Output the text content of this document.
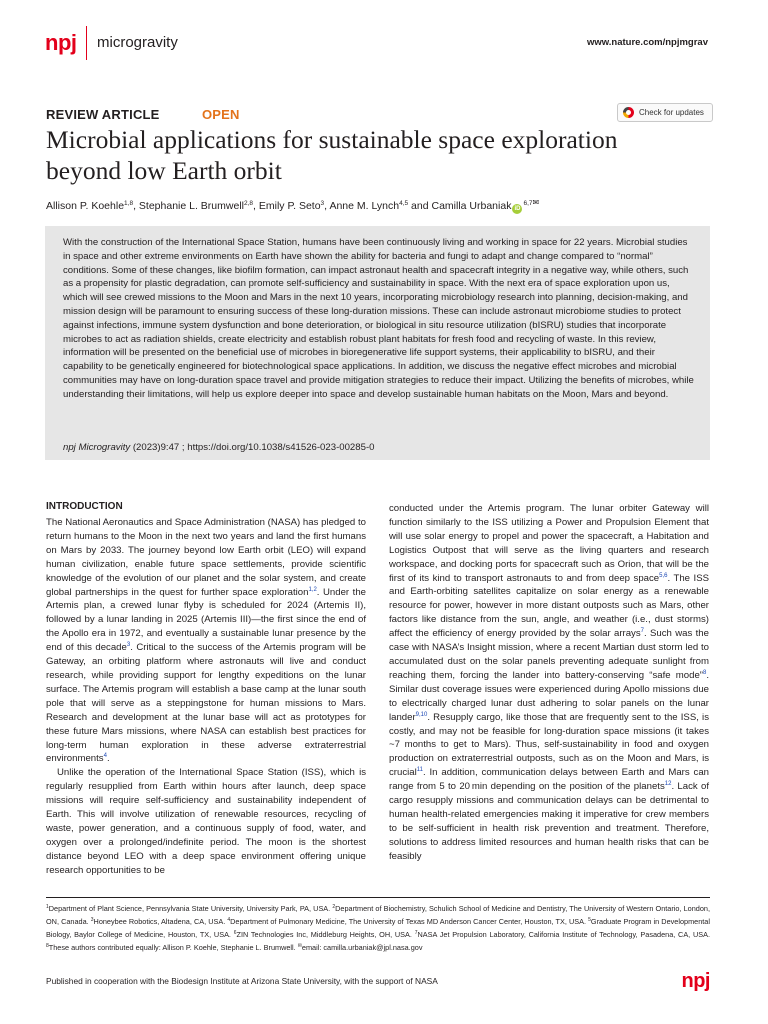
npj microgravity	www.nature.com/npjmgrav
REVIEW ARTICLE	OPEN	Check for updates
Microbial applications for sustainable space exploration
beyond low Earth orbit
Allison P. Koehle$^{1,8}$, Stephanie L. Brumwell$^{2,8}$, Emily P. Seto$^3$, Anne M. Lynch$^{4,5}$ and Camilla Urbaniak $iD^{6,7✉}$
With the construction of the International Space Station, humans have been continuously living and working in space for 22 years. Microbial studies in space and other extreme environments on Earth have shown the ability for bacteria and fungi to adapt and change compared to “normal” conditions. Some of these changes, like biofilm formation, can impact astronaut health and spacecraft integrity in a negative way, while others, such as a propensity for plastic degradation, can promote self-sufficiency and sustainability in space. With the next era of space exploration upon us, which will see crewed missions to the Moon and Mars in the next 10 years, incorporating microbiology research into planning, decision-making, and mission design will be paramount to ensuring success of these long-duration missions. These can include astronaut microbiome studies to protect against infections, immune system dysfunction and bone deterioration, or biological in situ resource utilization (bISRU) studies that incorporate microbes to act as radiation shields, create electricity and establish robust plant habitats for fresh food and recycling of waste. In this review, information will be presented on the beneficial use of microbes in bioregenerative life support systems, their applicability to bISRU, and their capability to be genetically engineered for biotechnological space applications. In addition, we discuss the negative effect microbes and microbial communities may have on long-duration space travel and provide mitigation strategies to reduce their impact. Utilizing the benefits of microbes, while understanding their limitations, will help us explore deeper into space and develop sustainable human habitats on the Moon, Mars and beyond.
npj Microgravity (2023)9:47 ; https://doi.org/10.1038/s41526-023-00285-0
INTRODUCTION

The National Aeronautics and Space Administration (NASA) has pledged to return humans to the Moon in the next two years and land the first humans on Mars by 2033. The journey beyond low Earth orbit (LEO) will expand human civilization, enable future space settlements, provide scientific knowledge of the evolution of our planet and the solar system, and create global partnerships in the quest for further space exploration$^{1,2}$. Under the Artemis plan, a crewed lunar flyby is scheduled for 2024 (Artemis II), followed by a lunar landing in 2025 (Artemis III)—the first since the end of the Apollo era in 1972, and eventually a sustainable lunar presence by the end of this decade$^3$. Critical to the success of the Artemis program will be Gateway, an orbiting platform where astronauts will live and conduct research, while providing support for lengthy expeditions on the lunar surface. The Artemis program will establish a base camp at the lunar south pole that will serve as a steppingstone for human missions to Mars. Research and development at the lunar base will act as prototypes for these future Mars missions, where NASA can establish best practices for long-term human exploration in these adverse extraterrestrial environments$^4$.

Unlike the operation of the International Space Station (ISS), which is regularly resupplied from Earth within hours after launch, deep space missions will require self-sufficiency and sustainability independent of Earth. This will involve utilization of renewable resources, recycling of waste, power generation, and a continuous supply of food, water, and oxygen over a prolonged/indefinite period. The moon is the shortest distance beyond LEO with a deep space environment offering unique research opportunities to be

conducted under the Artemis program. The lunar orbiter Gateway will function similarly to the ISS utilizing a Power and Propulsion Element that will use solar energy to propel and power the spacecraft, a Habitation and Logistics Outpost that will serve as the living quarters and research workspace, and docking ports for spacecraft such as Orion, that will be the first of its kind to transport astronauts to and from deep space$^{5,6}$. The ISS and Earth-orbiting satellites capitalize on solar energy as a renewable resource for power, however in more distant outposts such as Mars, other factors like distance from the sun, angle, and weather (i.e., dust storms) affect the efficiency of energy provided by the solar arrays$^7$. Such was the case with NASA’s Insight mission, where a recent Martian dust storm led to accumulated dust on the solar panels preventing adequate sunlight from reaching them, forcing the lander into battery-conserving “safe mode”$^8$. Similar dust coverage issues were experienced during Apollo missions due to electrically charged lunar dust adhering to solar panels on the lunar lander$^{9,10}$. Resupply cargo, like those that are frequently sent to the ISS, is costly, and may not be feasible for long-duration space missions (it takes ~7 months to get to Mars). Thus, self-sustainability in food and oxygen production on extraterrestrial outposts, such as on the Moon and Mars, is crucial$^{11}$. In addition, communication delays between Earth and Mars can range from 5 to 20 min depending on the position of the planets$^{12}$. Lack of cargo resupply missions and communication delays can be detrimental to human health-related emergencies making it imperative for crew members to be self-sufficient in health risk prevention and treatment. Therefore, solutions to address limited resources and human health risks that can be feasibly

$^1$Department of Plant Science, Pennsylvania State University, University Park, PA, USA. $^2$Department of Biochemistry, Schulich School of Medicine and Dentistry, The University of Western Ontario, London, ON, Canada. $^3$Honeybee Robotics, Altadena, CA, USA. $^4$Department of Pulmonary Medicine, The University of Texas MD Anderson Cancer Center, Houston, TX, USA. $^5$Graduate Program in Developmental Biology, Baylor College of Medicine, Houston, TX, USA. $^6$ZIN Technologies Inc, Middleburg Heights, OH, USA. $^7$NASA Jet Propulsion Laboratory, California Institute of Technology, Pasadena, CA, USA. $^8$These authors contributed equally: Allison P. Koehle, Stephanie L. Brumwell. ✉email: camilla.urbaniak@jpl.nasa.gov
Published in cooperation with the Biodesign Institute at Arizona State University, with the support of NASA	npj
